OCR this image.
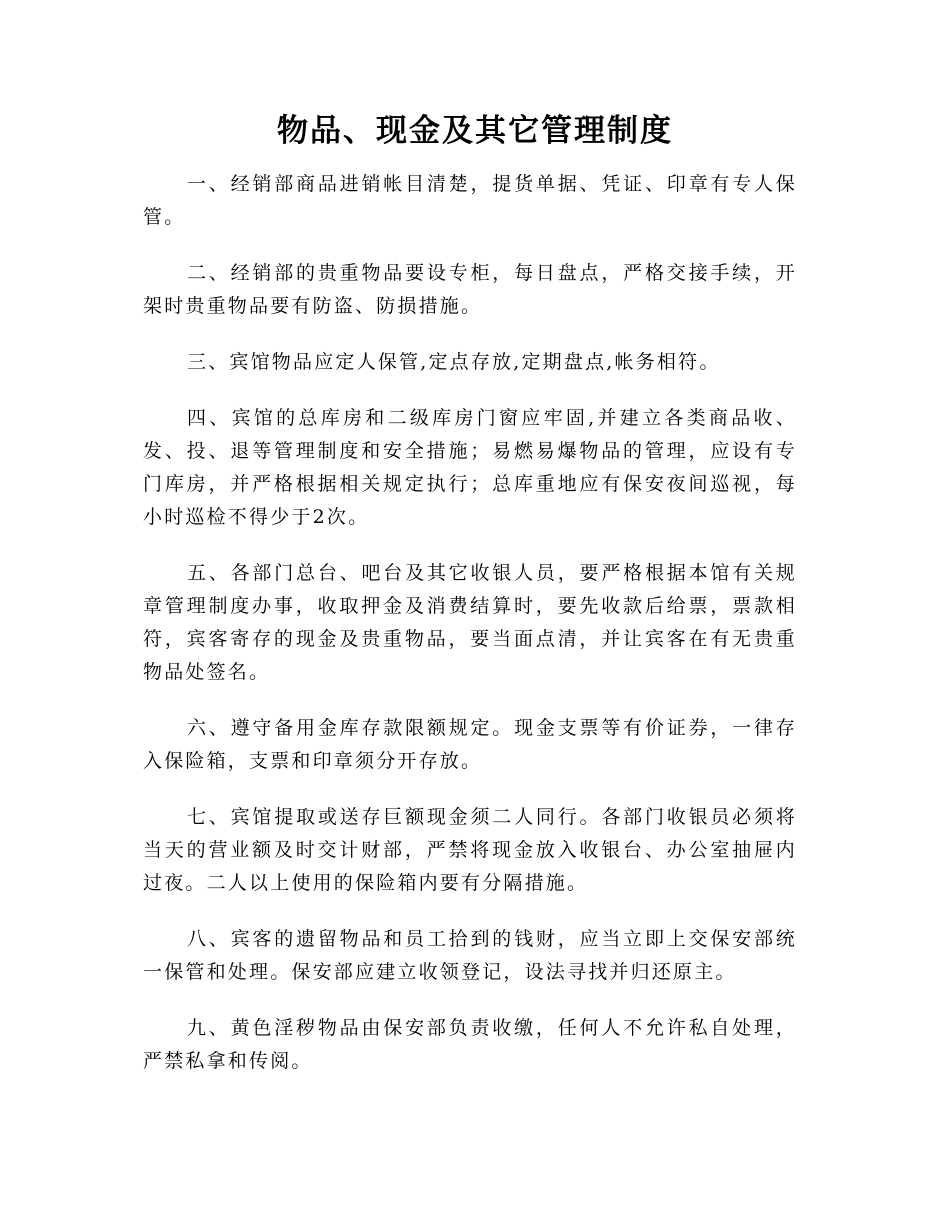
物品、现金及其它管理制度

一、经销部商品进销帐目清楚，提货单据、凭证、印章有专人保管。

二、经销部的贵重物品要设专柜，每日盘点，严格交接手续，开架时贵重物品要有防盗、防损措施。

三、宾馆物品应定人保管,定点存放,定期盘点,帐务相符。

四、宾馆的总库房和二级库房门窗应牢固,并建立各类商品收、发、投、退等管理制度和安全措施；易燃易爆物品的管理，应设有专门库房，并严格根据相关规定执行；总库重地应有保安夜间巡视，每小时巡检不得少于2次。

五、各部门总台、吧台及其它收银人员，要严格根据本馆有关规章管理制度办事，收取押金及消费结算时，要先收款后给票，票款相符，宾客寄存的现金及贵重物品，要当面点清，并让宾客在有无贵重物品处签名。

六、遵守备用金库存款限额规定。现金支票等有价证券，一律存入保险箱，支票和印章须分开存放。

七、宾馆提取或送存巨额现金须二人同行。各部门收银员必须将当天的营业额及时交计财部，严禁将现金放入收银台、办公室抽屉内过夜。二人以上使用的保险箱内要有分隔措施。

八、宾客的遗留物品和员工拾到的钱财，应当立即上交保安部统一保管和处理。保安部应建立收领登记，设法寻找并归还原主。

九、黄色淫秽物品由保安部负责收缴，任何人不允许私自处理，严禁私拿和传阅。
